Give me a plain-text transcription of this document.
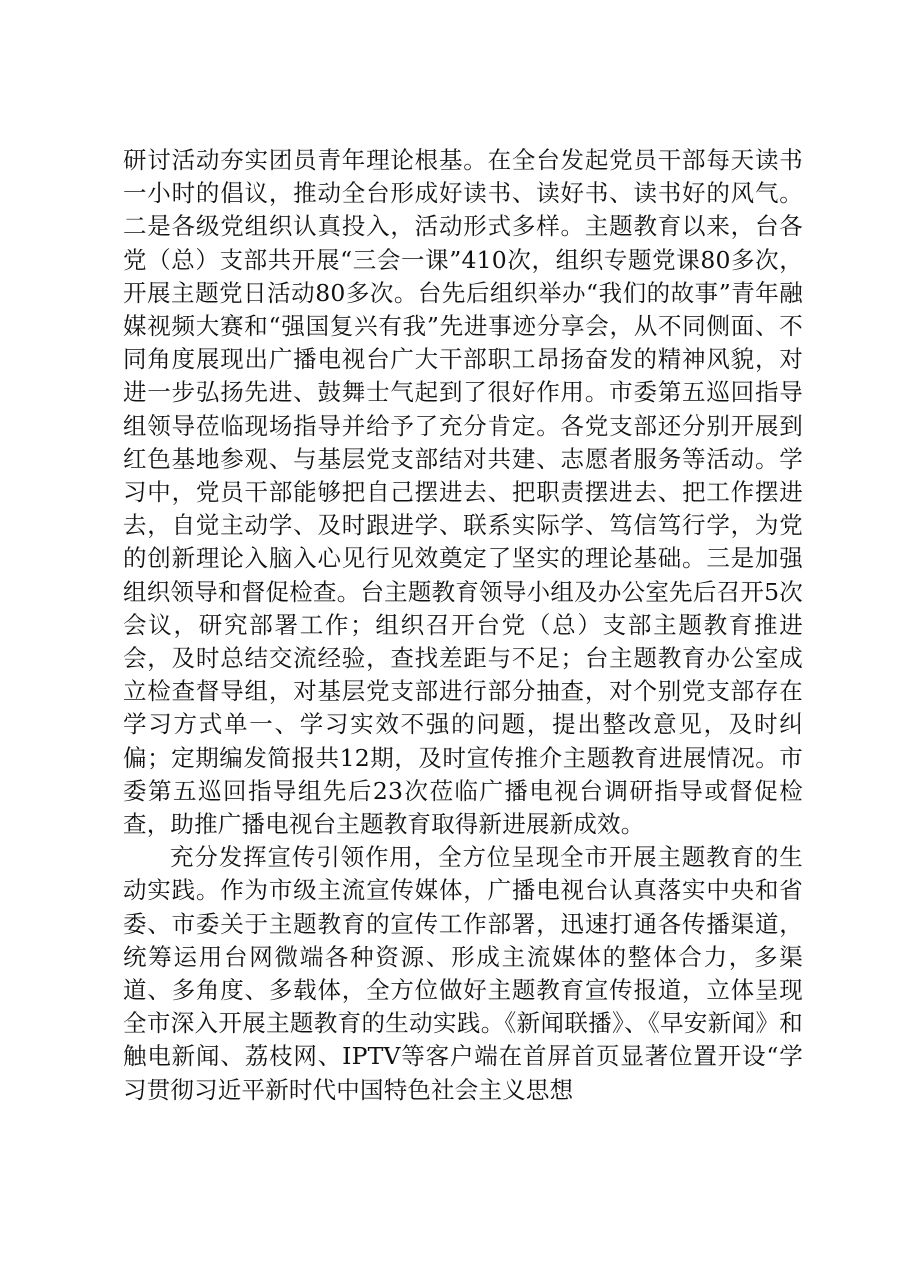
研讨活动夯实团员青年理论根基。在全台发起党员干部每天读书一小时的倡议，推动全台形成好读书、读好书、读书好的风气。二是各级党组织认真投入，活动形式多样。主题教育以来，台各党（总）支部共开展“三会一课”410次，组织专题党课80多次，开展主题党日活动80多次。台先后组织举办“我们的故事”青年融媒视频大赛和“强国复兴有我”先进事迹分享会，从不同侧面、不同角度展现出广播电视台广大干部职工昂扬奋发的精神风貌，对进一步弘扬先进、鼓舞士气起到了很好作用。市委第五巡回指导组领导莅临现场指导并给予了充分肯定。各党支部还分别开展到红色基地参观、与基层党支部结对共建、志愿者服务等活动。学习中，党员干部能够把自己摆进去、把职责摆进去、把工作摆进去，自觉主动学、及时跟进学、联系实际学、笃信笃行学，为党的创新理论入脑入心见行见效奠定了坚实的理论基础。三是加强组织领导和督促检查。台主题教育领导小组及办公室先后召开5次会议，研究部署工作；组织召开台党（总）支部主题教育推进会，及时总结交流经验，查找差距与不足；台主题教育办公室成立检查督导组，对基层党支部进行部分抽查，对个别党支部存在学习方式单一、学习实效不强的问题，提出整改意见，及时纠偏；定期编发简报共12期，及时宣传推介主题教育进展情况。市委第五巡回指导组先后23次莅临广播电视台调研指导或督促检查，助推广播电视台主题教育取得新进展新成效。

充分发挥宣传引领作用，全方位呈现全市开展主题教育的生动实践。作为市级主流宣传媒体，广播电视台认真落实中央和省委、市委关于主题教育的宣传工作部署，迅速打通各传播渠道，统筹运用台网微端各种资源、形成主流媒体的整体合力，多渠道、多角度、多载体，全方位做好主题教育宣传报道，立体呈现全市深入开展主题教育的生动实践。《新闻联播》、《早安新闻》和触电新闻、荔枝网、IPTV等客户端在首屏首页显著位置开设“学习贯彻习近平新时代中国特色社会主义思想
